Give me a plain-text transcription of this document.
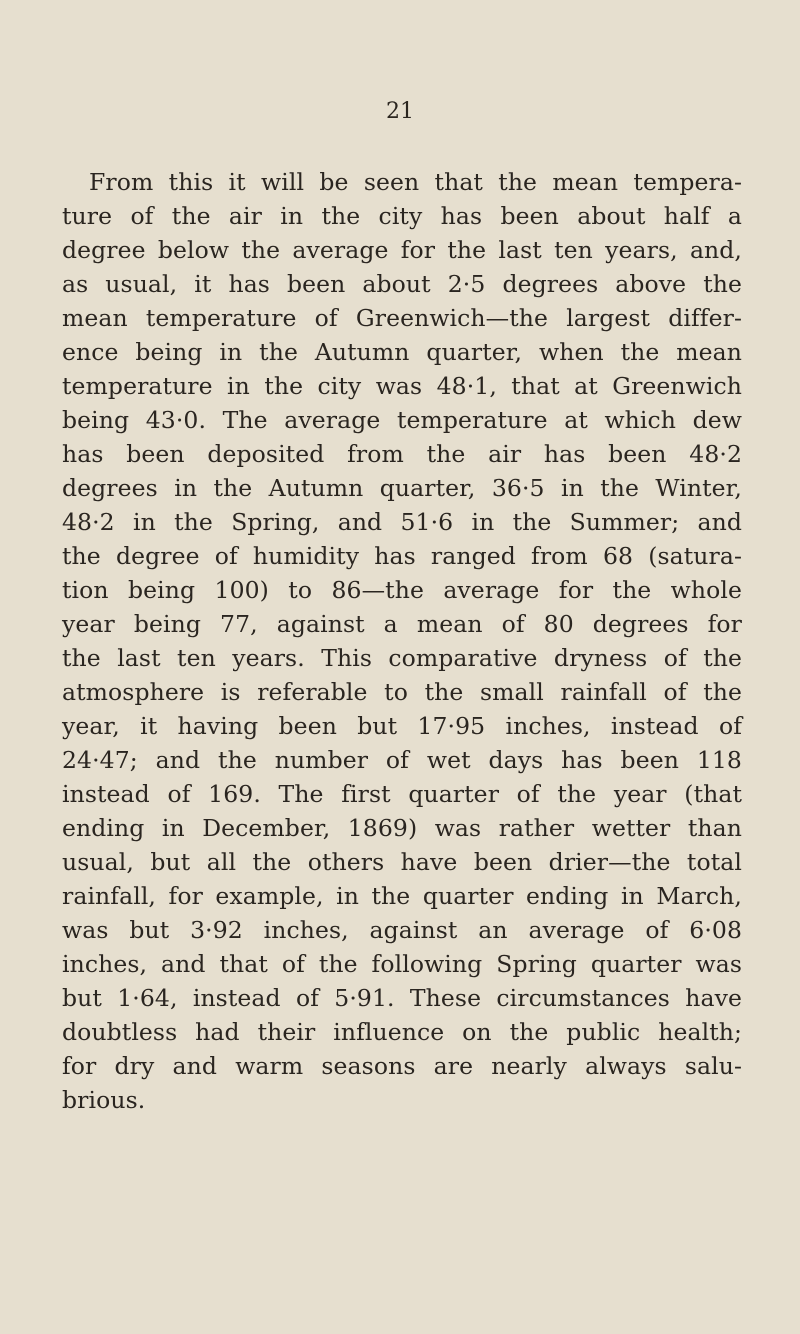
21
From this it will be seen that the mean tempera-
ture of the air in the city has been about half a
degree below the average for the last ten years, and,
as usual, it has been about 2·5 degrees above the
mean temperature of Greenwich—the largest differ-
ence being in the Autumn quarter, when the mean
temperature in the city was 48·1, that at Greenwich
being 43·0. The average temperature at which dew
has been deposited from the air has been 48·2
degrees in the Autumn quarter, 36·5 in the Winter,
48·2 in the Spring, and 51·6 in the Summer; and
the degree of humidity has ranged from 68 (satura-
tion being 100) to 86—the average for the whole
year being 77, against a mean of 80 degrees for
the last ten years. This comparative dryness of the
atmosphere is referable to the small rainfall of the
year, it having been but 17·95 inches, instead of
24·47; and the number of wet days has been 118
instead of 169. The first quarter of the year (that
ending in December, 1869) was rather wetter than
usual, but all the others have been drier—the total
rainfall, for example, in the quarter ending in March,
was but 3·92 inches, against an average of 6·08
inches, and that of the following Spring quarter was
but 1·64, instead of 5·91. These circumstances have
doubtless had their influence on the public health;
for dry and warm seasons are nearly always salu-
brious.
